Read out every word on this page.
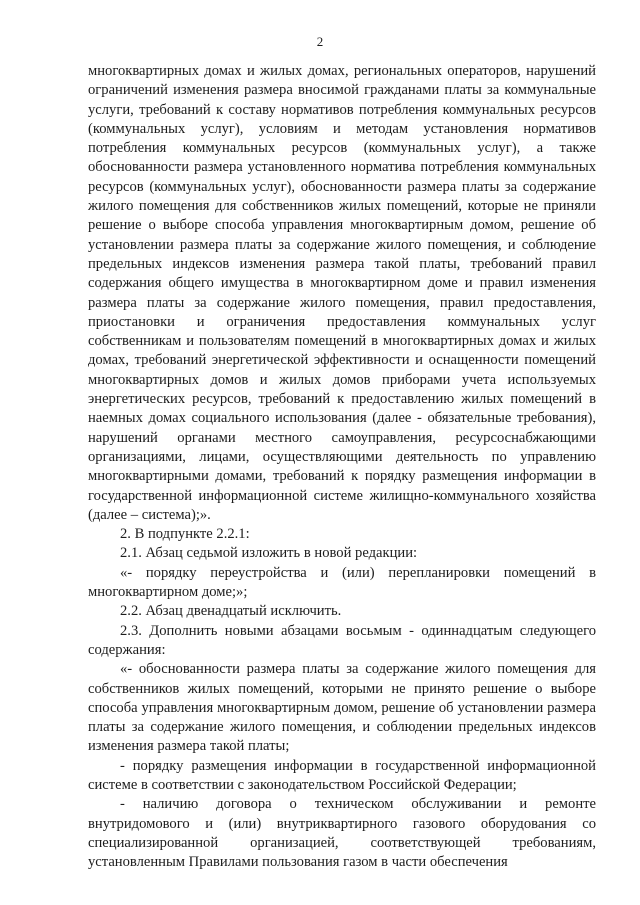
2

многоквартирных домах и жилых домах, региональных операторов, нарушений ограничений изменения размера вносимой гражданами платы за коммунальные услуги, требований к составу нормативов потребления коммунальных ресурсов (коммунальных услуг), условиям и методам установления нормативов потребления коммунальных ресурсов (коммунальных услуг), а также обоснованности размера установленного норматива потребления коммунальных ресурсов (коммунальных услуг), обоснованности размера платы за содержание жилого помещения для собственников жилых помещений, которые не приняли решение о выборе способа управления многоквартирным домом, решение об установлении размера платы за содержание жилого помещения, и соблюдение предельных индексов изменения размера такой платы, требований правил содержания общего имущества в многоквартирном доме и правил изменения размера платы за содержание жилого помещения, правил предоставления, приостановки и ограничения предоставления коммунальных услуг собственникам и пользователям помещений в многоквартирных домах и жилых домах, требований энергетической эффективности и оснащенности помещений многоквартирных домов и жилых домов приборами учета используемых энергетических ресурсов, требований к предоставлению жилых помещений в наемных домах социального использования (далее - обязательные требования), нарушений органами местного самоуправления, ресурсоснабжающими организациями, лицами, осуществляющими деятельность по управлению многоквартирными домами, требований к порядку размещения информации в государственной информационной системе жилищно-коммунального хозяйства (далее – система);».

2. В подпункте 2.2.1:

2.1. Абзац седьмой изложить в новой редакции:

«- порядку переустройства и (или) перепланировки помещений в многоквартирном доме;»;

2.2. Абзац двенадцатый исключить.

2.3. Дополнить новыми абзацами восьмым - одиннадцатым следующего содержания:

«- обоснованности размера платы за содержание жилого помещения для собственников жилых помещений, которыми не принято решение о выборе способа управления многоквартирным домом, решение об установлении размера платы за содержание жилого помещения, и соблюдении предельных индексов изменения размера такой платы;

- порядку размещения информации в государственной информационной системе в соответствии с законодательством Российской Федерации;

- наличию договора о техническом обслуживании и ремонте внутридомового и (или) внутриквартирного газового оборудования со специализированной организацией, соответствующей требованиям, установленным Правилами пользования газом в части обеспечения
